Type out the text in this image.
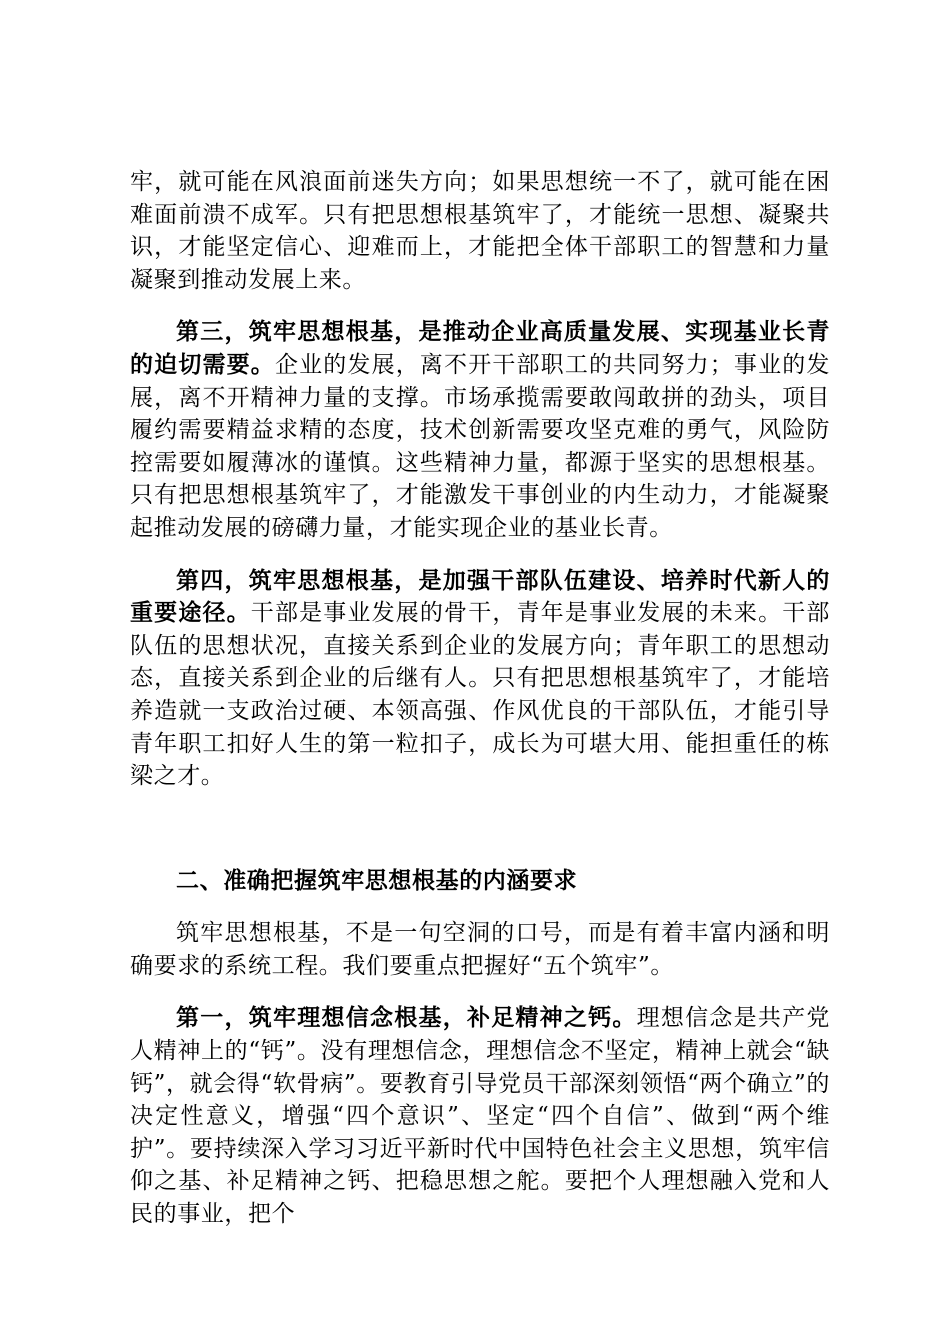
牢，就可能在风浪面前迷失方向；如果思想统一不了，就可能在困难面前溃不成军。只有把思想根基筑牢了，才能统一思想、凝聚共识，才能坚定信心、迎难而上，才能把全体干部职工的智慧和力量凝聚到推动发展上来。

第三，筑牢思想根基，是推动企业高质量发展、实现基业长青的迫切需要。企业的发展，离不开干部职工的共同努力；事业的发展，离不开精神力量的支撑。市场承揽需要敢闯敢拼的劲头，项目履约需要精益求精的态度，技术创新需要攻坚克难的勇气，风险防控需要如履薄冰的谨慎。这些精神力量，都源于坚实的思想根基。只有把思想根基筑牢了，才能激发干事创业的内生动力，才能凝聚起推动发展的磅礴力量，才能实现企业的基业长青。

第四，筑牢思想根基，是加强干部队伍建设、培养时代新人的重要途径。干部是事业发展的骨干，青年是事业发展的未来。干部队伍的思想状况，直接关系到企业的发展方向；青年职工的思想动态，直接关系到企业的后继有人。只有把思想根基筑牢了，才能培养造就一支政治过硬、本领高强、作风优良的干部队伍，才能引导青年职工扣好人生的第一粒扣子，成长为可堪大用、能担重任的栋梁之才。

二、准确把握筑牢思想根基的内涵要求

筑牢思想根基，不是一句空洞的口号，而是有着丰富内涵和明确要求的系统工程。我们要重点把握好“五个筑牢”。

第一，筑牢理想信念根基，补足精神之钙。理想信念是共产党人精神上的“钙”。没有理想信念，理想信念不坚定，精神上就会“缺钙”，就会得“软骨病”。要教育引导党员干部深刻领悟“两个确立”的决定性意义，增强“四个意识”、坚定“四个自信”、做到“两个维护”。要持续深入学习习近平新时代中国特色社会主义思想，筑牢信仰之基、补足精神之钙、把稳思想之舵。要把个人理想融入党和人民的事业，把个
